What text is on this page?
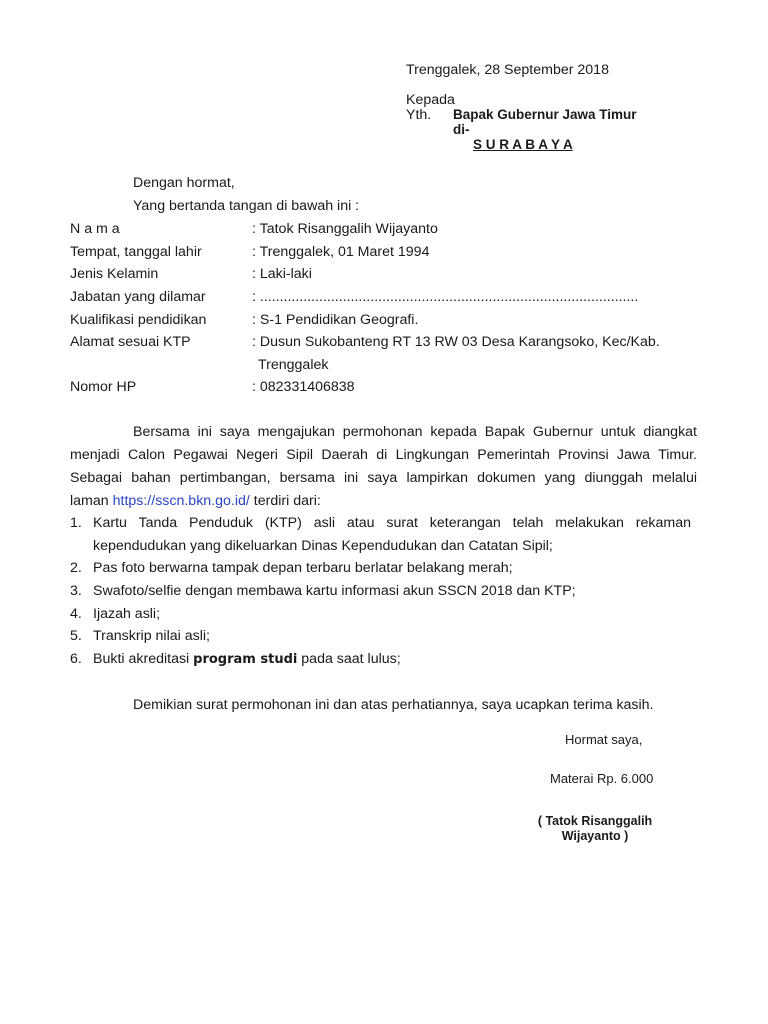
Trenggalek, 28 September 2018
Kepada
Yth. Bapak Gubernur Jawa Timur
di-
S U R A B A Y A
Dengan hormat,
Yang bertanda tangan di bawah ini :
N a m a	: Tatok Risanggalih Wijayanto
Tempat, tanggal lahir	: Trenggalek, 01 Maret 1994
Jenis Kelamin	: Laki-laki
Jabatan yang dilamar	: ................................................................................................
Kualifikasi pendidikan	: S-1 Pendidikan Geografi.
Alamat sesuai KTP	: Dusun Sukobanteng RT 13 RW 03 Desa Karangsoko, Kec/Kab.
Trenggalek
Nomor HP	: 082331406838
Bersama ini saya mengajukan permohonan kepada Bapak Gubernur untuk diangkat
menjadi Calon Pegawai Negeri Sipil Daerah di Lingkungan Pemerintah Provinsi Jawa Timur.
Sebagai bahan pertimbangan, bersama ini saya lampirkan dokumen yang diunggah melalui
laman https://sscn.bkn.go.id/ terdiri dari:
1. Kartu Tanda Penduduk (KTP) asli atau surat keterangan telah melakukan rekaman
kependudukan yang dikeluarkan Dinas Kependudukan dan Catatan Sipil;
2. Pas foto berwarna tampak depan terbaru berlatar belakang merah;
3. Swafoto/selfie dengan membawa kartu informasi akun SSCN 2018 dan KTP;
4. Ijazah asli;
5. Transkrip nilai asli;
6. Bukti akreditasi program studi pada saat lulus;
Demikian surat permohonan ini dan atas perhatiannya, saya ucapkan terima kasih.
Hormat saya,
Materai Rp. 6.000
( Tatok Risanggalih
Wijayanto )
